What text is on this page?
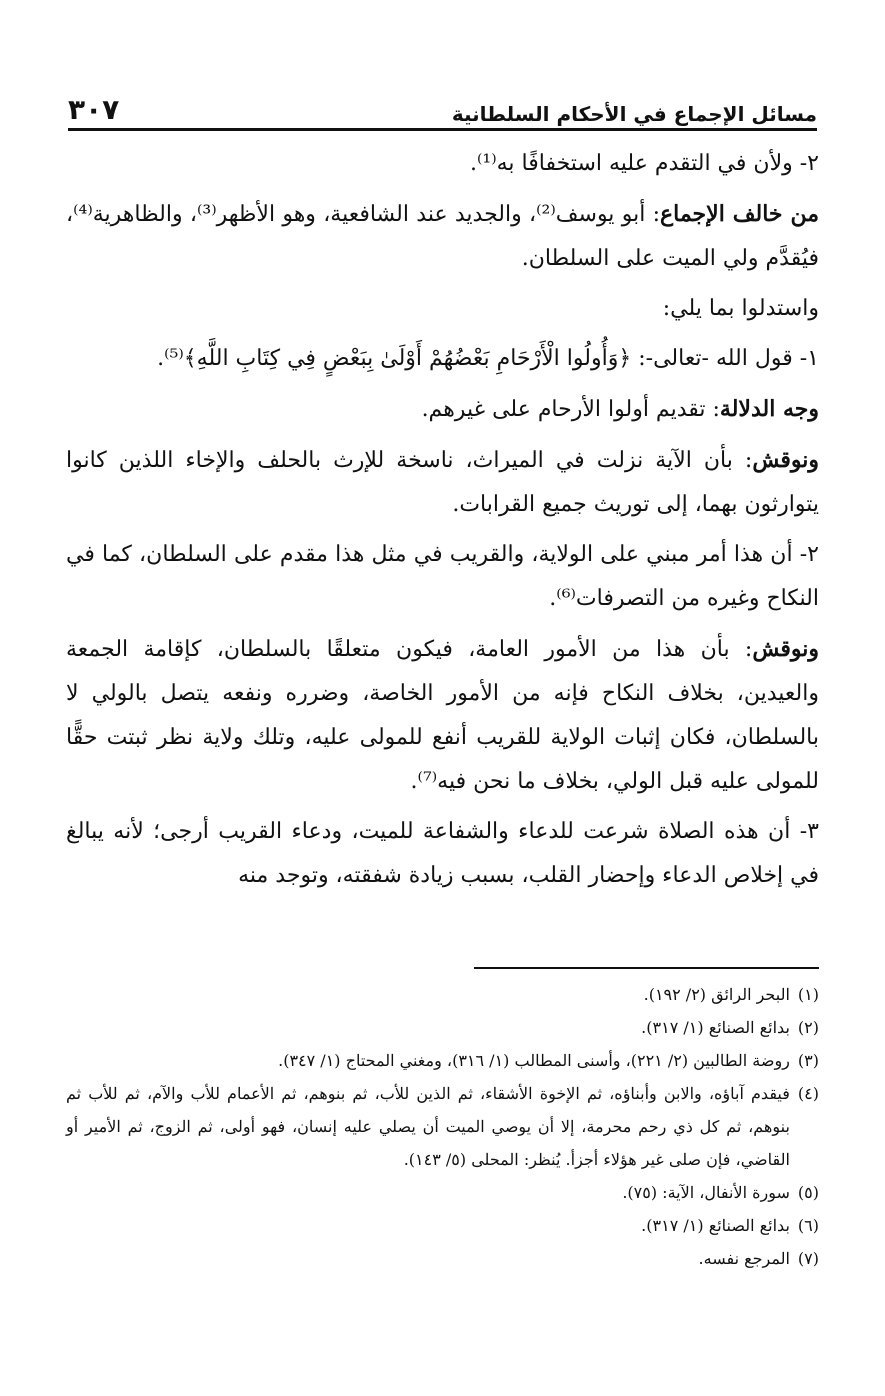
مسائل الإجماع في الأحكام السلطانية
٣٠٧

٢- ولأن في التقدم عليه استخفافًا به⁽¹⁾.

من خالف الإجماع: أبو يوسف⁽²⁾، والجديد عند الشافعية، وهو الأظهر⁽³⁾، والظاهرية⁽⁴⁾، فيُقدَّم ولي الميت على السلطان.

واستدلوا بما يلي:

١- قول الله -تعالى-: ﴿وَأُولُوا الْأَرْحَامِ بَعْضُهُمْ أَوْلَىٰ بِبَعْضٍ فِي كِتَابِ اللَّهِ﴾⁽⁵⁾.

وجه الدلالة: تقديم أولوا الأرحام على غيرهم.

ونوقش: بأن الآية نزلت في الميراث، ناسخة للإرث بالحلف والإخاء اللذين كانوا يتوارثون بهما، إلى توريث جميع القرابات.

٢- أن هذا أمر مبني على الولاية، والقريب في مثل هذا مقدم على السلطان، كما في النكاح وغيره من التصرفات⁽⁶⁾.

ونوقش: بأن هذا من الأمور العامة، فيكون متعلقًا بالسلطان، كإقامة الجمعة والعيدين، بخلاف النكاح فإنه من الأمور الخاصة، وضرره ونفعه يتصل بالولي لا بالسلطان، فكان إثبات الولاية للقريب أنفع للمولى عليه، وتلك ولاية نظر ثبتت حقًّا للمولى عليه قبل الولي، بخلاف ما نحن فيه⁽⁷⁾.

٣- أن هذه الصلاة شرعت للدعاء والشفاعة للميت، ودعاء القريب أرجى؛ لأنه يبالغ في إخلاص الدعاء وإحضار القلب، بسبب زيادة شفقته، وتوجد منه

(١)
البحر الرائق (٢/ ١٩٢).
(٢)
بدائع الصنائع (١/ ٣١٧).
(٣)
روضة الطالبين (٢/ ٢٢١)، وأسنى المطالب (١/ ٣١٦)، ومغني المحتاج (١/ ٣٤٧).
(٤)
فيقدم آباؤه، والابن وأبناؤه، ثم الإخوة الأشقاء، ثم الذين للأب، ثم بنوهم، ثم الأعمام للأب والآم، ثم للأب ثم بنوهم، ثم كل ذي رحم محرمة، إلا أن يوصي الميت أن يصلي عليه إنسان، فهو أولى، ثم الزوج، ثم الأمير أو القاضي، فإن صلى غير هؤلاء أجزأ. يُنظر: المحلى (٥/ ١٤٣).
(٥)
سورة الأنفال، الآية: (٧٥).
(٦)
بدائع الصنائع (١/ ٣١٧).
(٧)
المرجع نفسه.
